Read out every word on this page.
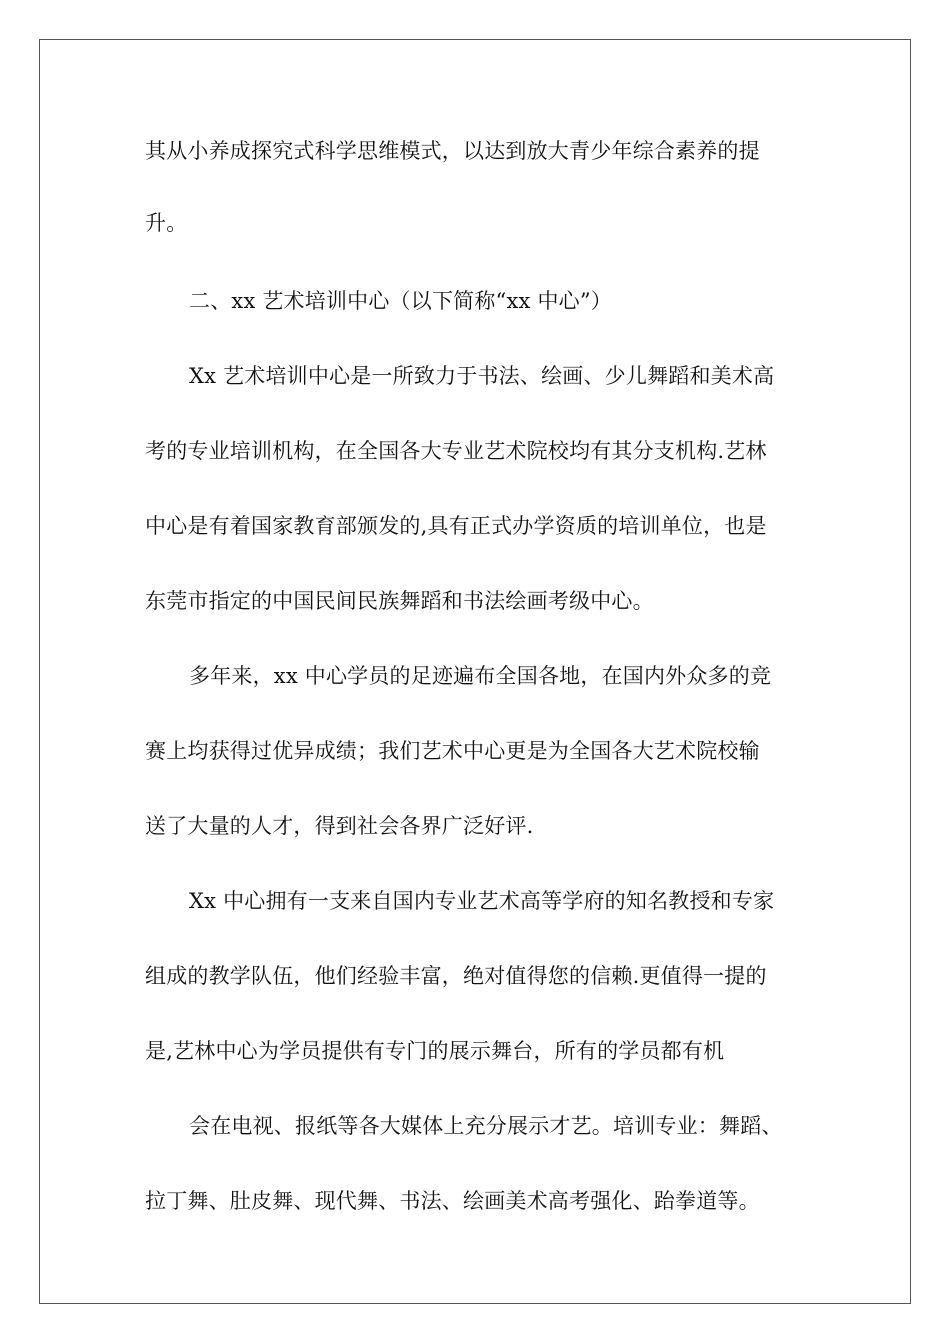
其从小养成探究式科学思维模式，以达到放大青少年综合素养的提
升。
二、xx 艺术培训中心（以下简称“xx 中心”）
Xx 艺术培训中心是一所致力于书法、绘画、少儿舞蹈和美术高
考的专业培训机构，在全国各大专业艺术院校均有其分支机构.艺林
中心是有着国家教育部颁发的,具有正式办学资质的培训单位，也是
东莞市指定的中国民间民族舞蹈和书法绘画考级中心。
多年来，xx 中心学员的足迹遍布全国各地，在国内外众多的竞
赛上均获得过优异成绩；我们艺术中心更是为全国各大艺术院校输
送了大量的人才，得到社会各界广泛好评.
Xx 中心拥有一支来自国内专业艺术高等学府的知名教授和专家
组成的教学队伍，他们经验丰富，绝对值得您的信赖.更值得一提的
是,艺林中心为学员提供有专门的展示舞台，所有的学员都有机
会在电视、报纸等各大媒体上充分展示才艺。培训专业：舞蹈、
拉丁舞、肚皮舞、现代舞、书法、绘画美术高考强化、跆拳道等。
